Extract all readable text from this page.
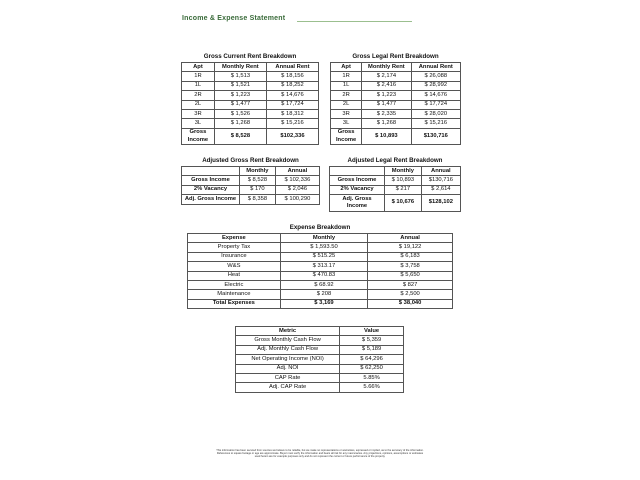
Income & Expense Statement
Gross Current Rent Breakdown
Apt	Monthly Rent	Annual Rent
1R	$ 1,513	$ 18,156
1L	$ 1,521	$ 18,252
2R	$ 1,223	$ 14,676
2L	$ 1,477	$ 17,724
3R	$ 1,526	$ 18,312
3L	$ 1,268	$ 15,216
Gross Income	$ 8,528	$102,336
Gross Legal Rent Breakdown
Apt	Monthly Rent	Annual Rent
1R	$ 2,174	$ 26,088
1L	$ 2,416	$ 28,992
2R	$ 1,223	$ 14,676
2L	$ 1,477	$ 17,724
3R	$ 2,335	$ 28,020
3L	$ 1,268	$ 15,216
Gross Income	$ 10,893	$130,716
Adjusted Gross Rent Breakdown
	Monthly	Annual
Gross Income	$ 8,528	$ 102,336
2% Vacancy	$ 170	$ 2,046
Adj. Gross Income	$ 8,358	$ 100,290
Adjusted Legal Rent Breakdown
	Monthly	Annual
Gross Income	$ 10,893	$130,716
2% Vacancy	$ 217	$ 2,614
Adj. Gross Income	$ 10,676	$128,102
Expense Breakdown
Expense	Monthly	Annual
Property Tax	$ 1,593.50	$ 19,122
Insurance	$ 515.25	$ 6,183
W&S	$ 313.17	$ 3,758
Heat	$ 470.83	$ 5,650
Electric	$ 68.92	$ 827
Maintenance	$ 208	$ 2,500
Total Expenses	$ 3,169	$ 38,040
Metric	Value
Gross Monthly Cash Flow	$ 5,359
Adj. Monthly Cash Flow	$ 5,189
Net Operating Income (NOI)	$ 64,296
Adj. NOI	$ 62,250
CAP Rate	5.85%
Adj. CAP Rate	5.66%
This information has been secured from sources we believe to be reliable, but we make no representations or warranties, expressed or implied, as to the accuracy of the information. References to square footage or age are approximate. Buyer must verify the information and bears all risk for any inaccuracies. Any projections, opinions, assumptions or estimates used herein are for example purposes only and do not represent the current or future performance of the property.
